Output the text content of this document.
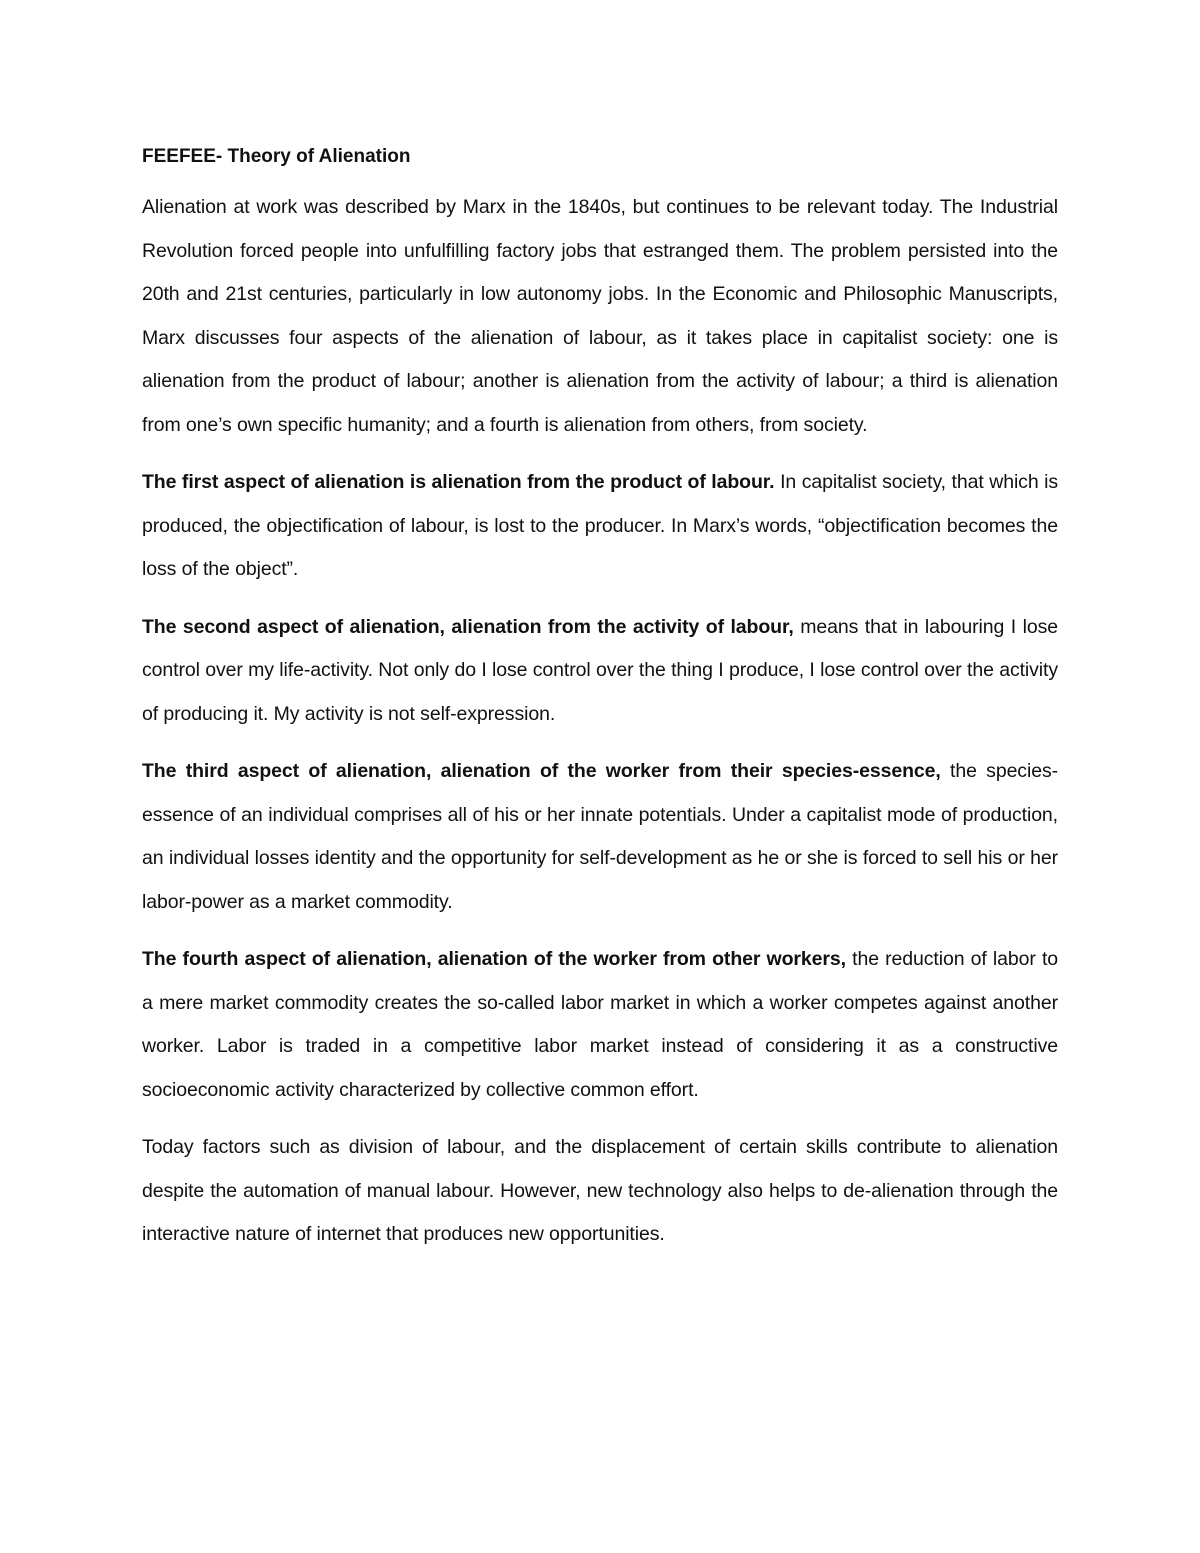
FEEFEE- Theory of Alienation

Alienation at work was described by Marx in the 1840s, but continues to be relevant today. The Industrial Revolution forced people into unfulfilling factory jobs that estranged them. The problem persisted into the 20th and 21st centuries, particularly in low autonomy jobs. In the Economic and Philosophic Manuscripts, Marx discusses four aspects of the alienation of labour, as it takes place in capitalist society: one is alienation from the product of labour; another is alienation from the activity of labour; a third is alienation from one’s own specific humanity; and a fourth is alienation from others, from society.

The first aspect of alienation is alienation from the product of labour. In capitalist society, that which is produced, the objectification of labour, is lost to the producer. In Marx’s words, “objectification becomes the loss of the object”.

The second aspect of alienation, alienation from the activity of labour, means that in labouring I lose control over my life-activity. Not only do I lose control over the thing I produce, I lose control over the activity of producing it. My activity is not self-expression.

The third aspect of alienation, alienation of the worker from their species-essence, the species-essence of an individual comprises all of his or her innate potentials. Under a capitalist mode of production, an individual losses identity and the opportunity for self-development as he or she is forced to sell his or her labor-power as a market commodity.

The fourth aspect of alienation, alienation of the worker from other workers, the reduction of labor to a mere market commodity creates the so-called labor market in which a worker competes against another worker. Labor is traded in a competitive labor market instead of considering it as a constructive socioeconomic activity characterized by collective common effort.

Today factors such as division of labour, and the displacement of certain skills contribute to alienation despite the automation of manual labour. However, new technology also helps to de-alienation through the interactive nature of internet that produces new opportunities.
